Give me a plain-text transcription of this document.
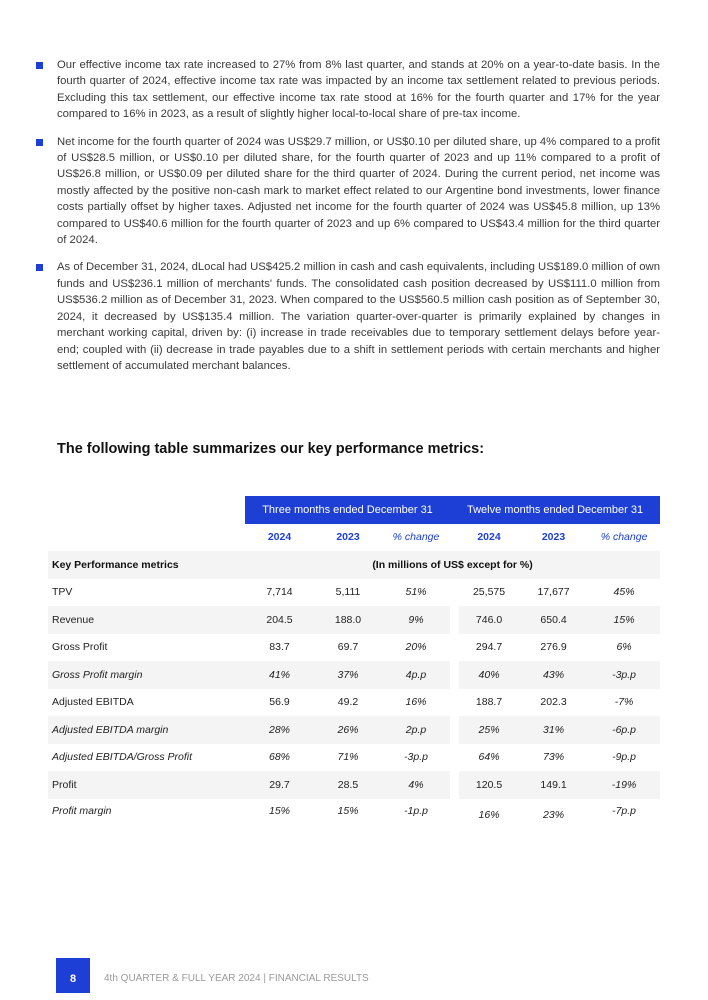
Our effective income tax rate increased to 27% from 8% last quarter, and stands at 20% on a year-to-date basis. In the fourth quarter of 2024, effective income tax rate was impacted by an income tax settlement related to previous periods. Excluding this tax settlement, our effective income tax rate stood at 16% for the fourth quarter and 17% for the year compared to 16% in 2023, as a result of slightly higher local-to-local share of pre-tax income.

Net income for the fourth quarter of 2024 was US$29.7 million, or US$0.10 per diluted share, up 4% compared to a profit of US$28.5 million, or US$0.10 per diluted share, for the fourth quarter of 2023 and up 11% compared to a profit of US$26.8 million, or US$0.09 per diluted share for the third quarter of 2024. During the current period, net income was mostly affected by the positive non-cash mark to market effect related to our Argentine bond investments, lower finance costs partially offset by higher taxes. Adjusted net income for the fourth quarter of 2024 was US$45.8 million, up 13% compared to US$40.6 million for the fourth quarter of 2023 and up 6% compared to US$43.4 million for the third quarter of 2024.

As of December 31, 2024, dLocal had US$425.2 million in cash and cash equivalents, including US$189.0 million of own funds and US$236.1 million of merchants' funds. The consolidated cash position decreased by US$111.0 million from US$536.2 million as of December 31, 2023. When compared to the US$560.5 million cash position as of September 30, 2024, it decreased by US$135.4 million. The variation quarter-over-quarter is primarily explained by changes in merchant working capital, driven by: (i) increase in trade receivables due to temporary settlement delays before year-end; coupled with (ii) decrease in trade payables due to a shift in settlement periods with certain merchants and higher settlement of accumulated merchant balances.

The following table summarizes our key performance metrics:
	Three months ended December 31			Twelve months ended December 31			
	2024	2023	% change		2024	2023	% change
Key Performance metrics	(In millions of US$ except for %)						
TPV	7,714	5,111	51%		25,575	17,677	45%
Revenue	204.5	188.0	9%		746.0	650.4	15%
Gross Profit	83.7	69.7	20%		294.7	276.9	6%
Gross Profit margin	41%	37%	4p.p		40%	43%	-3p.p
Adjusted EBITDA	56.9	49.2	16%		188.7	202.3	-7%
Adjusted EBITDA margin	28%	26%	2p.p		25%	31%	-6p.p
Adjusted EBITDA/Gross Profit	68%	71%	-3p.p		64%	73%	-9p.p
Profit	29.7	28.5	4%		120.5	149.1	-19%
Profit margin	15%	15%	-1p.p		16%	23%	-7p.p
8	4th QUARTER & FULL YEAR 2024 | FINANCIAL RESULTS
